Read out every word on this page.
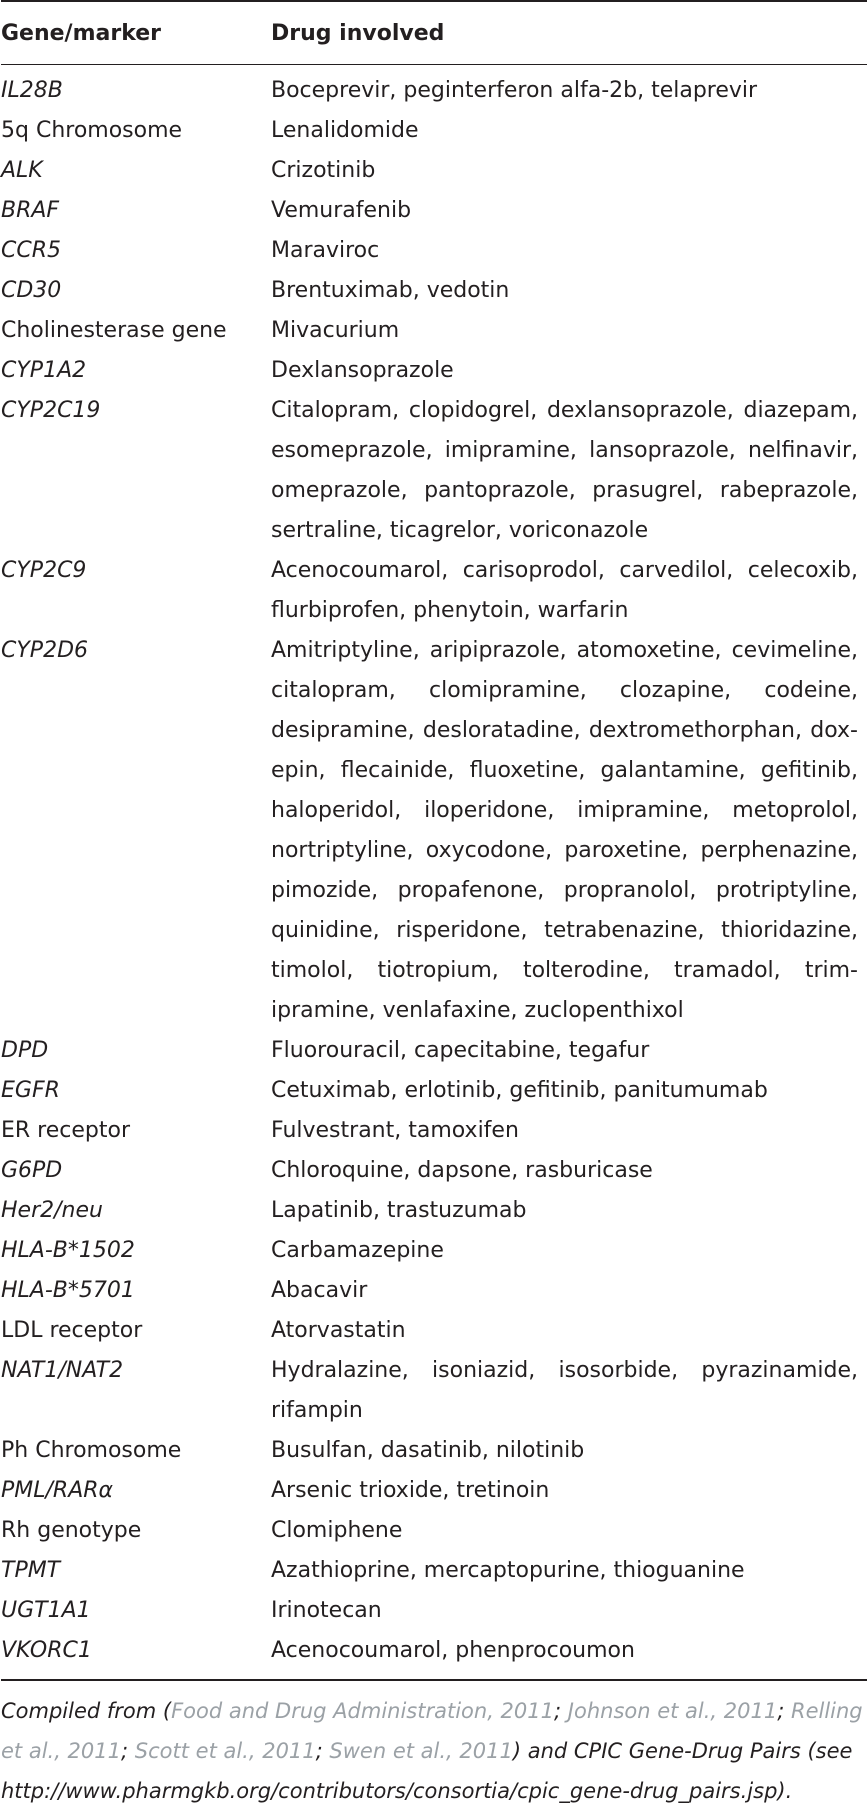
Gene/marker	Drug involved
IL28B	Boceprevir, peginterferon alfa-2b, telaprevir
5q Chromosome	Lenalidomide
ALK	Crizotinib
BRAF	Vemurafenib
CCR5	Maraviroc
CD30	Brentuximab, vedotin
Cholinesterase gene	Mivacurium
CYP1A2	Dexlansoprazole
CYP2C19	Citalopram, clopidogrel, dexlansoprazole, diazepam, esomeprazole, imipramine, lansoprazole, nelfinavir, omeprazole, pantoprazole, prasugrel, rabeprazole, sertraline, ticagrelor, voriconazole
CYP2C9	Acenocoumarol, carisoprodol, carvedilol, celecoxib, flurbiprofen, phenytoin, warfarin
CYP2D6	Amitriptyline, aripiprazole, atomoxetine, cevimeline, citalopram, clomipramine, clozapine, codeine, desipramine, desloratadine, dextromethorphan, doxepin, flecainide, fluoxetine, galantamine, gefitinib, haloperidol, iloperidone, imipramine, metoprolol, nortriptyline, oxycodone, paroxetine, perphenazine, pimozide, propafenone, propranolol, protriptyline, quinidine, risperidone, tetrabenazine, thioridazine, timolol, tiotropium, tolterodine, tramadol, trimipramine, venlafaxine, zuclopenthixol
DPD	Fluorouracil, capecitabine, tegafur
EGFR	Cetuximab, erlotinib, gefitinib, panitumumab
ER receptor	Fulvestrant, tamoxifen
G6PD	Chloroquine, dapsone, rasburicase
Her2/neu	Lapatinib, trastuzumab
HLA-B*1502	Carbamazepine
HLA-B*5701	Abacavir
LDL receptor	Atorvastatin
NAT1/NAT2	Hydralazine, isoniazid, isosorbide, pyrazinamide, rifampin
Ph Chromosome	Busulfan, dasatinib, nilotinib
PML/RARα	Arsenic trioxide, tretinoin
Rh genotype	Clomiphene
TPMT	Azathioprine, mercaptopurine, thioguanine
UGT1A1	Irinotecan
VKORC1	Acenocoumarol, phenprocoumon
Compiled from (Food and Drug Administration, 2011; Johnson et al., 2011; Relling et al., 2011; Scott et al., 2011; Swen et al., 2011) and CPIC Gene-Drug Pairs (see http://www.pharmgkb.org/contributors/consortia/cpic_gene-drug_pairs.jsp).
